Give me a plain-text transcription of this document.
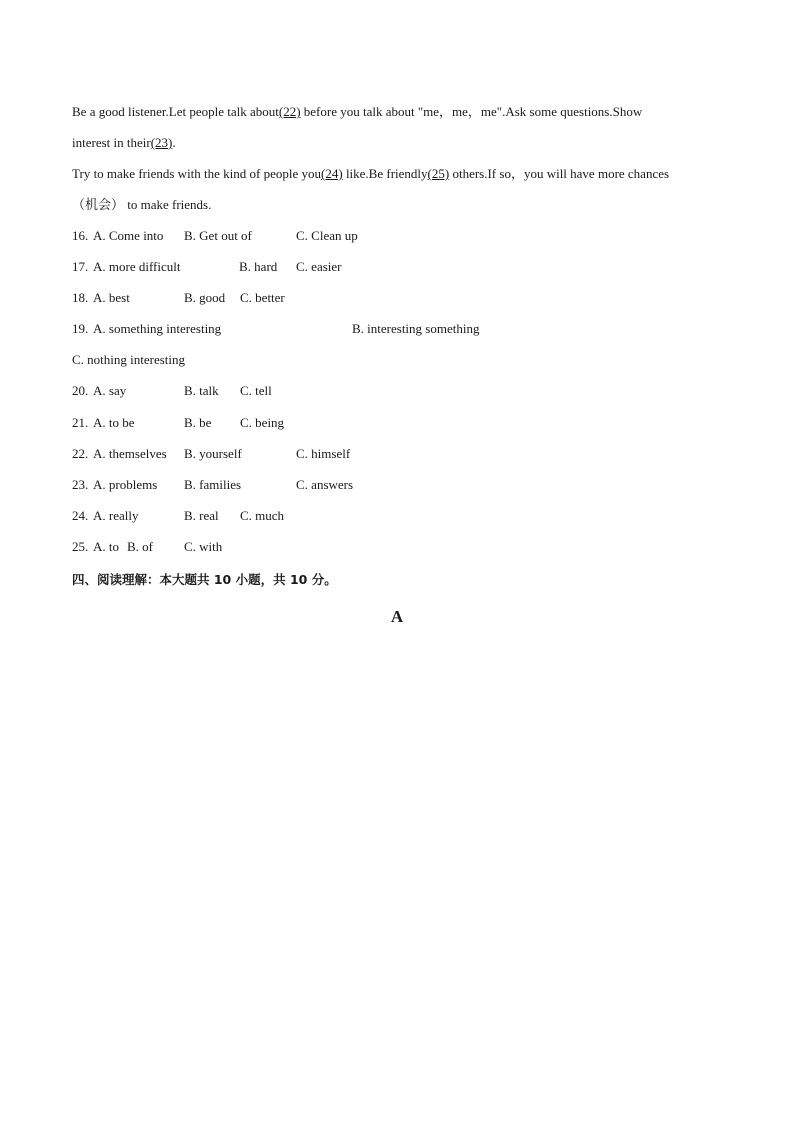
Be a good listener.Let people talk about(22) before you talk about "me，me，me".Ask some questions.Show
interest in their(23).
Try to make friends with the kind of people you(24) like.Be friendly(25) others.If so，you will have more chances
（机会） to make friends.
16. A. Come into B. Get out of	C. Clean up
17. A. more difficult	B. hard C. easier
18. A. best	B. good C. better
19. A. something interesting	B. interesting something
C. nothing interesting
20. A. say	B. talk C. tell
21. A. to be	B. be C. being
22. A. themselves B. yourself	C. himself
23. A. problems B. families	C. answers
24. A. really	B. real C. much
25. A. to B. of C. with
四、阅读理解：本大题共 10 小题，共 10 分。
A
